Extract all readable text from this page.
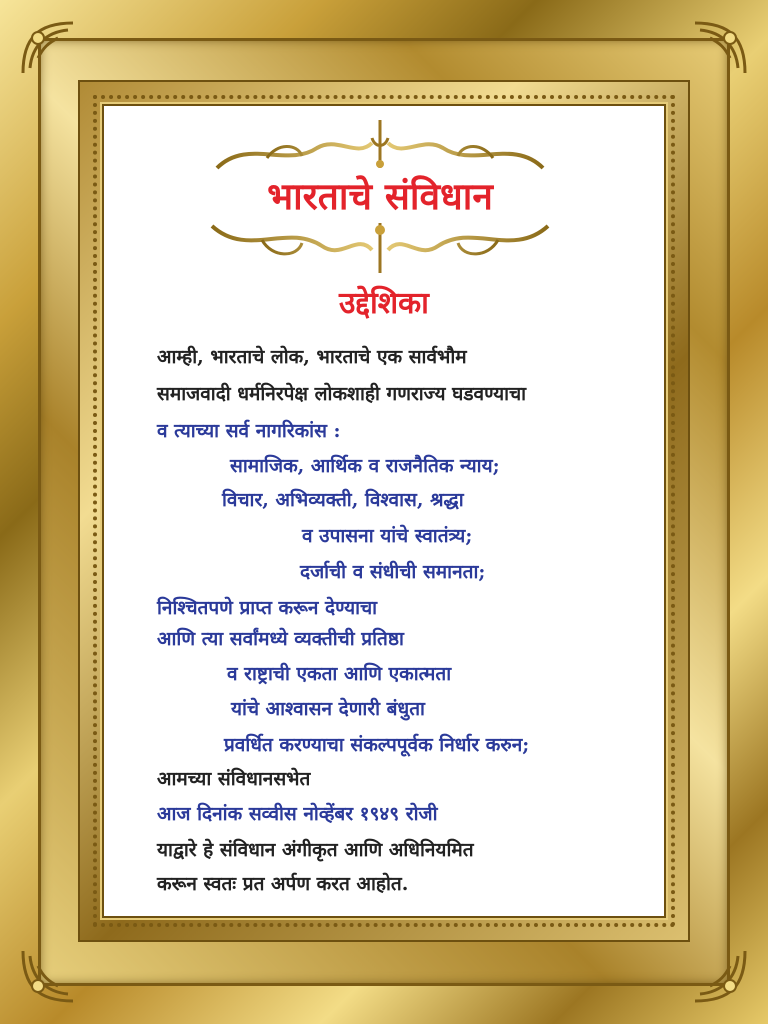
भारताचे संविधान
उद्देशिका
आम्ही, भारताचे लोक, भारताचे एक सार्वभौम
समाजवादी धर्मनिरपेक्ष लोकशाही गणराज्य घडवण्याचा
व त्याच्या सर्व नागरिकांस :
सामाजिक, आर्थिक व राजनैतिक न्याय;
विचार, अभिव्यक्ती, विश्वास, श्रद्धा
व उपासना यांचे स्वातंत्र्य;
दर्जाची व संधीची समानता;
निश्चितपणे प्राप्त करून देण्याचा
आणि त्या सर्वांमध्ये व्यक्तीची प्रतिष्ठा
व राष्ट्राची एकता आणि एकात्मता
यांचे आश्वासन देणारी बंधुता
प्रवर्धित करण्याचा संकल्पपूर्वक निर्धार करुन;
आमच्या संविधानसभेत
आज दिनांक सव्वीस नोव्हेंबर १९४९ रोजी
याद्वारे हे संविधान अंगीकृत आणि अधिनियमित
करून स्वतः प्रत अर्पण करत आहोत.
